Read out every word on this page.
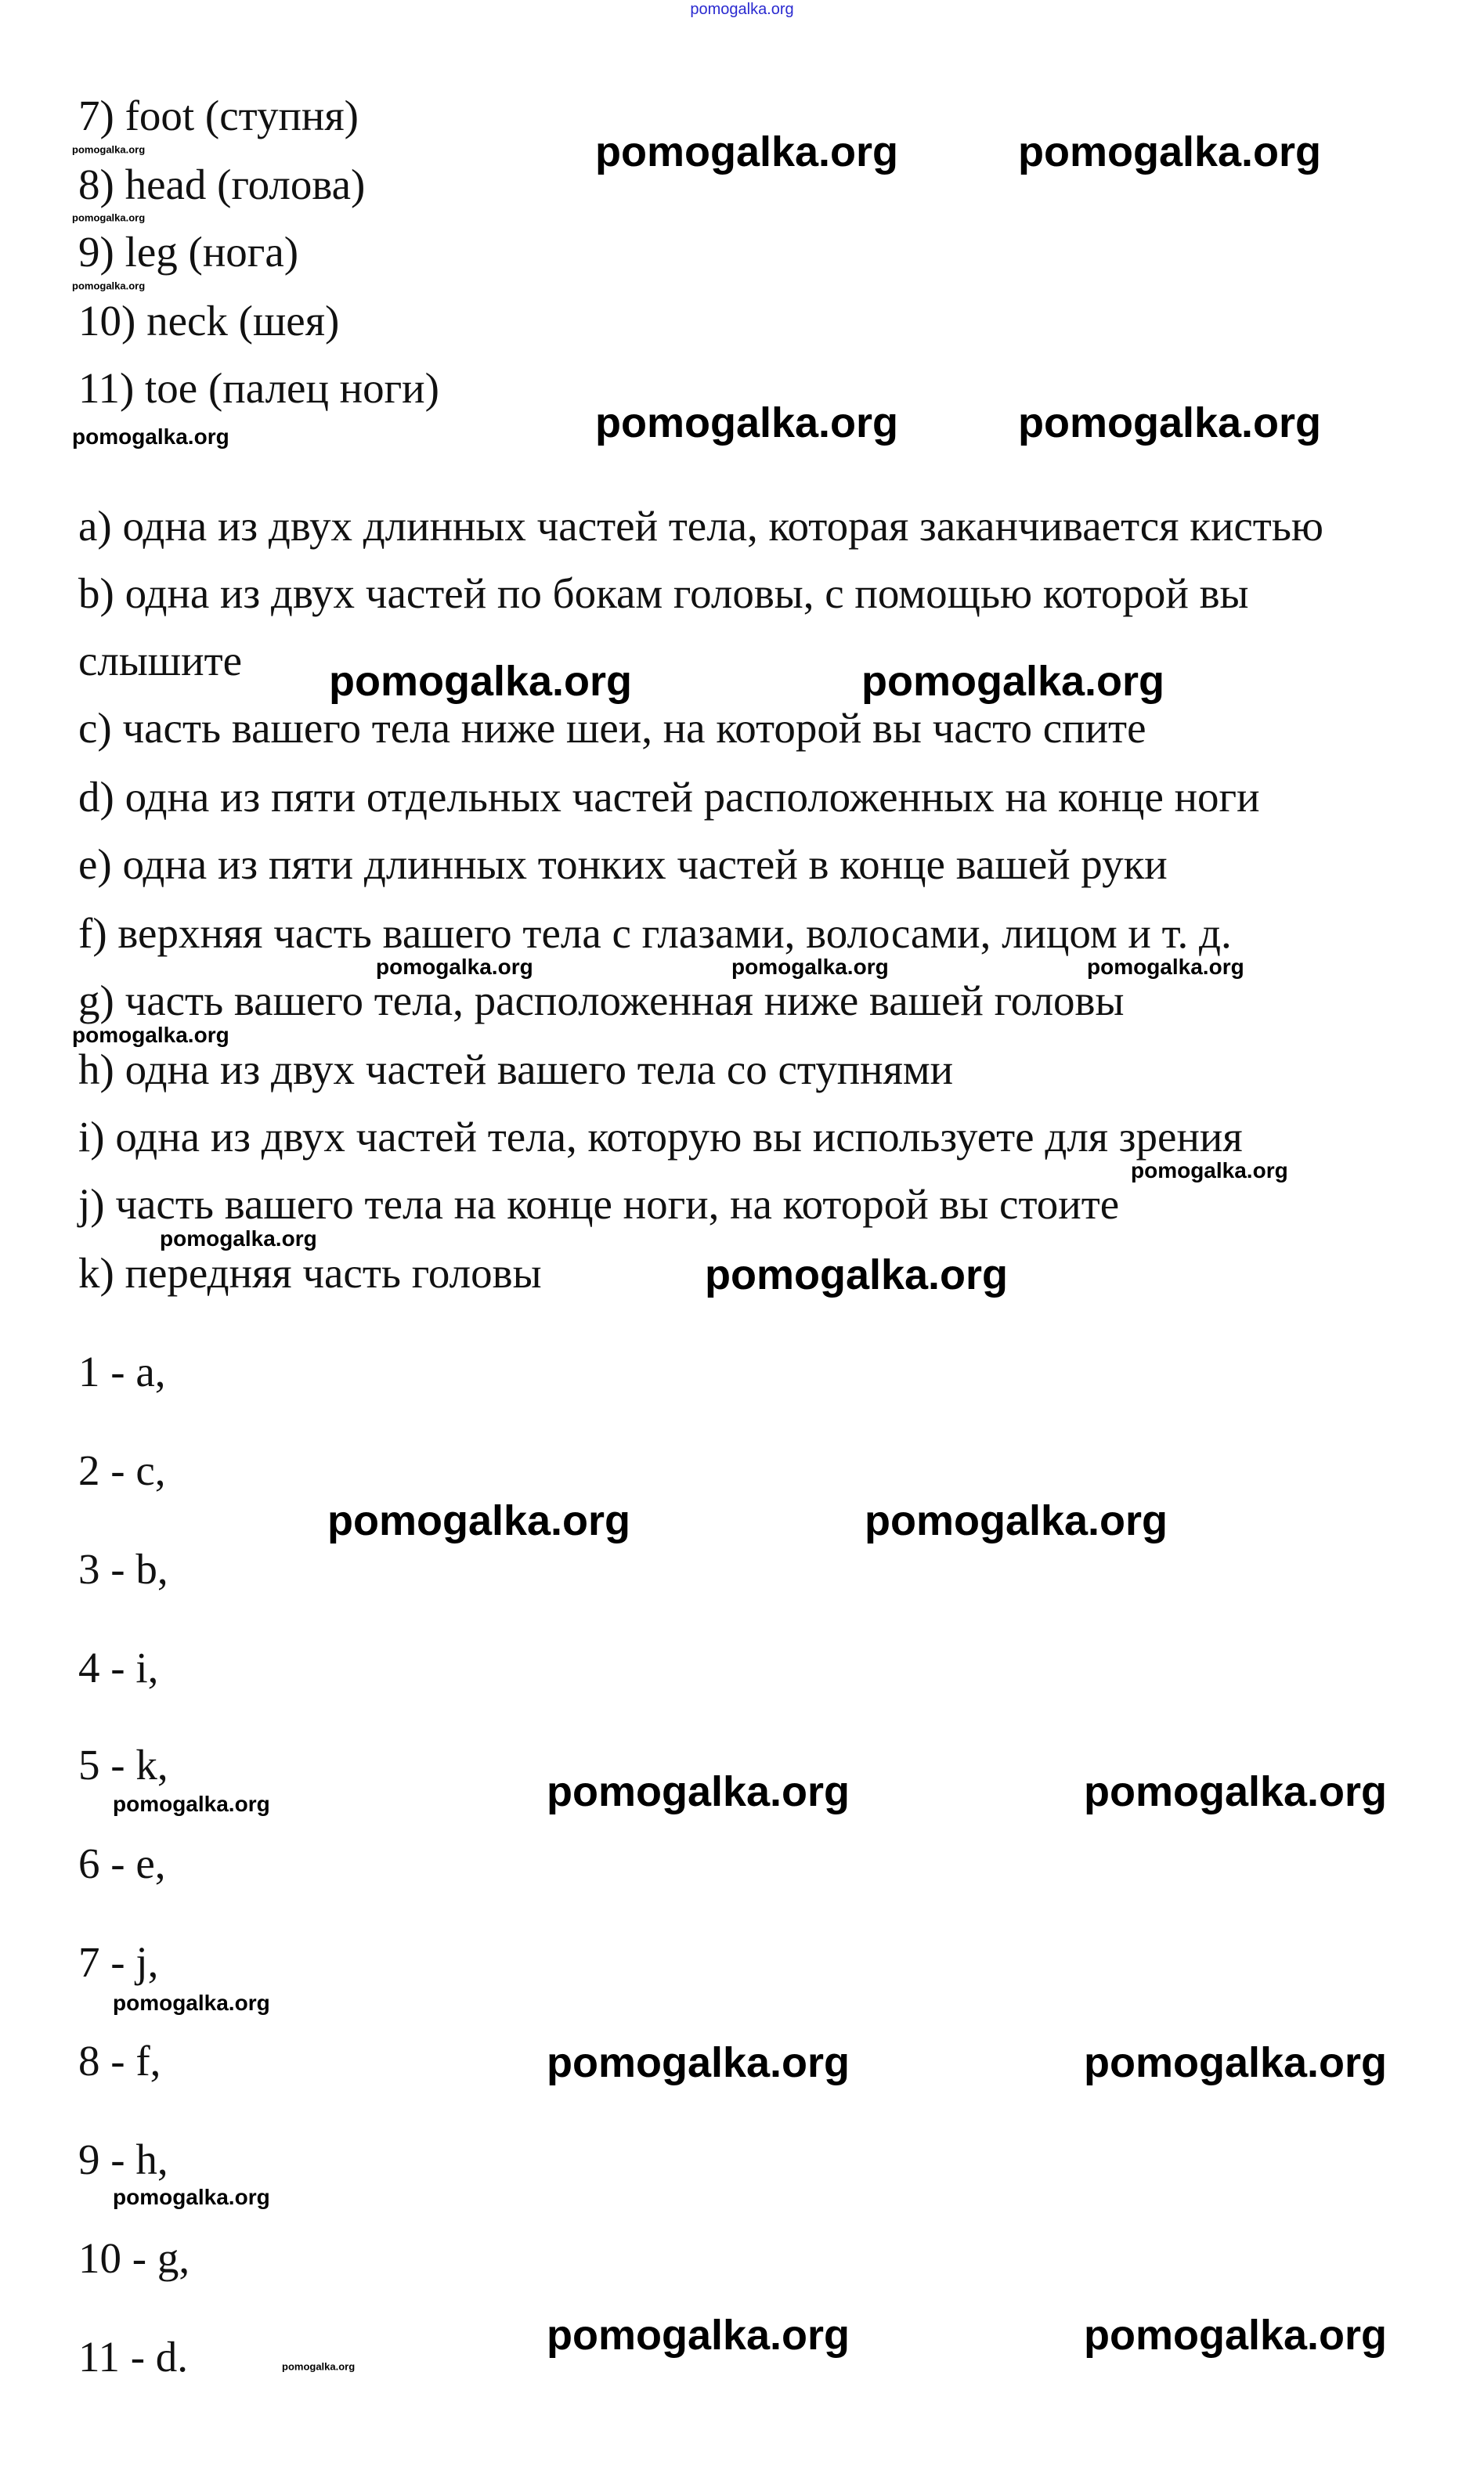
pomogalka.org
7) foot (ступня)
8) head (голова)
9) leg (нога)
10) neck (шея)
11) toe (палец ноги)
a) одна из двух длинных частей тела, которая заканчивается кистью
b) одна из двух частей по бокам головы, с помощью которой вы
слышите
c) часть вашего тела ниже шеи, на которой вы часто спите
d) одна из пяти отдельных частей расположенных на конце ноги
e) одна из пяти длинных тонких частей в конце вашей руки
f) верхняя часть вашего тела с глазами, волосами, лицом и т. д.
g) часть вашего тела, расположенная ниже вашей головы
h) одна из двух частей вашего тела со ступнями
i) одна из двух частей тела, которую вы используете для зрения
j) часть вашего тела на конце ноги, на которой вы стоите
k) передняя часть головы
1 - a,
2 - c,
3 - b,
4 - i,
5 - k,
6 - e,
7 - j,
8 - f,
9 - h,
10 - g,
11 - d.
pomogalka.org	pomogalka.org
pomogalka.org	pomogalka.org
pomogalka.org	pomogalka.org
pomogalka.org
pomogalka.org	pomogalka.org
pomogalka.org	pomogalka.org
pomogalka.org	pomogalka.org
pomogalka.org	pomogalka.org
pomogalka.org
pomogalka.org	pomogalka.org	pomogalka.org
pomogalka.org
pomogalka.org
pomogalka.org
pomogalka.org
pomogalka.org
pomogalka.org
pomogalka.org
pomogalka.org
pomogalka.org
pomogalka.org
